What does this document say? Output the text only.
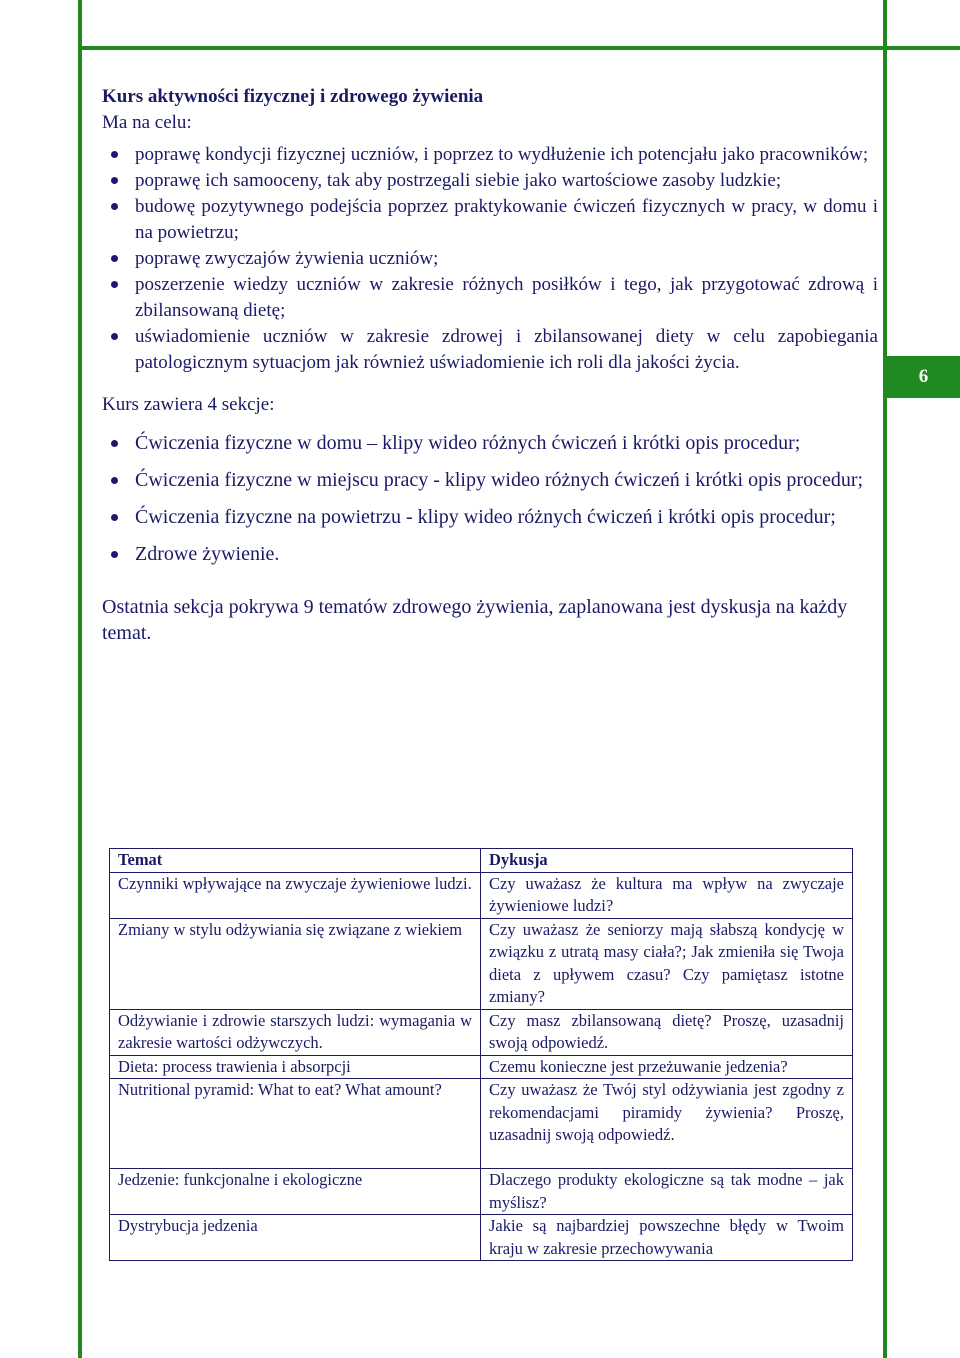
6
Kurs aktywności fizycznej i zdrowego żywienia
Ma na celu:
poprawę kondycji fizycznej uczniów, i poprzez to wydłużenie ich potencjału jako pracowników;
poprawę ich samooceny, tak aby postrzegali siebie jako wartościowe zasoby ludzkie;
budowę pozytywnego podejścia poprzez praktykowanie ćwiczeń fizycznych w pracy, w domu i na powietrzu;
poprawę zwyczajów żywienia uczniów;
poszerzenie wiedzy uczniów w zakresie różnych posiłków i tego, jak przygotować zdrową i zbilansowaną dietę;
uświadomienie uczniów w zakresie zdrowej i zbilansowanej diety w celu zapobiegania patologicznym sytuacjom jak również uświadomienie ich roli dla jakości życia.
Kurs zawiera 4 sekcje:
Ćwiczenia fizyczne w domu – klipy wideo różnych ćwiczeń i krótki opis procedur;
Ćwiczenia fizyczne w miejscu pracy - klipy wideo różnych ćwiczeń i krótki opis procedur;
Ćwiczenia fizyczne na powietrzu - klipy wideo różnych ćwiczeń i krótki opis procedur;
Zdrowe żywienie.
Ostatnia sekcja pokrywa 9 tematów zdrowego żywienia, zaplanowana jest dyskusja na każdy temat.
Temat	Dykusja
Czynniki wpływające na zwyczaje żywieniowe ludzi.	Czy uważasz że kultura ma wpływ na zwyczaje żywieniowe ludzi?
Zmiany w stylu odżywiania się związane z wiekiem	Czy uważasz że seniorzy mają słabszą kondycję w związku z utratą masy ciała?; Jak zmieniła się Twoja dieta z upływem czasu? Czy pamiętasz istotne zmiany?
Odżywianie i zdrowie starszych ludzi: wymagania w zakresie wartości odżywczych.	Czy masz zbilansowaną dietę? Proszę, uzasadnij swoją odpowiedź.
Dieta: process trawienia i absorpcji	Czemu konieczne jest przeżuwanie jedzenia?
Nutritional pyramid: What to eat? What amount?	Czy uważasz że Twój styl odżywiania jest zgodny z rekomendacjami piramidy żywienia? Proszę, uzasadnij swoją odpowiedź.
Jedzenie: funkcjonalne i ekologiczne	Dlaczego produkty ekologiczne są tak modne – jak myślisz?
Dystrybucja jedzenia	Jakie są najbardziej powszechne błędy w Twoim kraju w zakresie przechowywania
